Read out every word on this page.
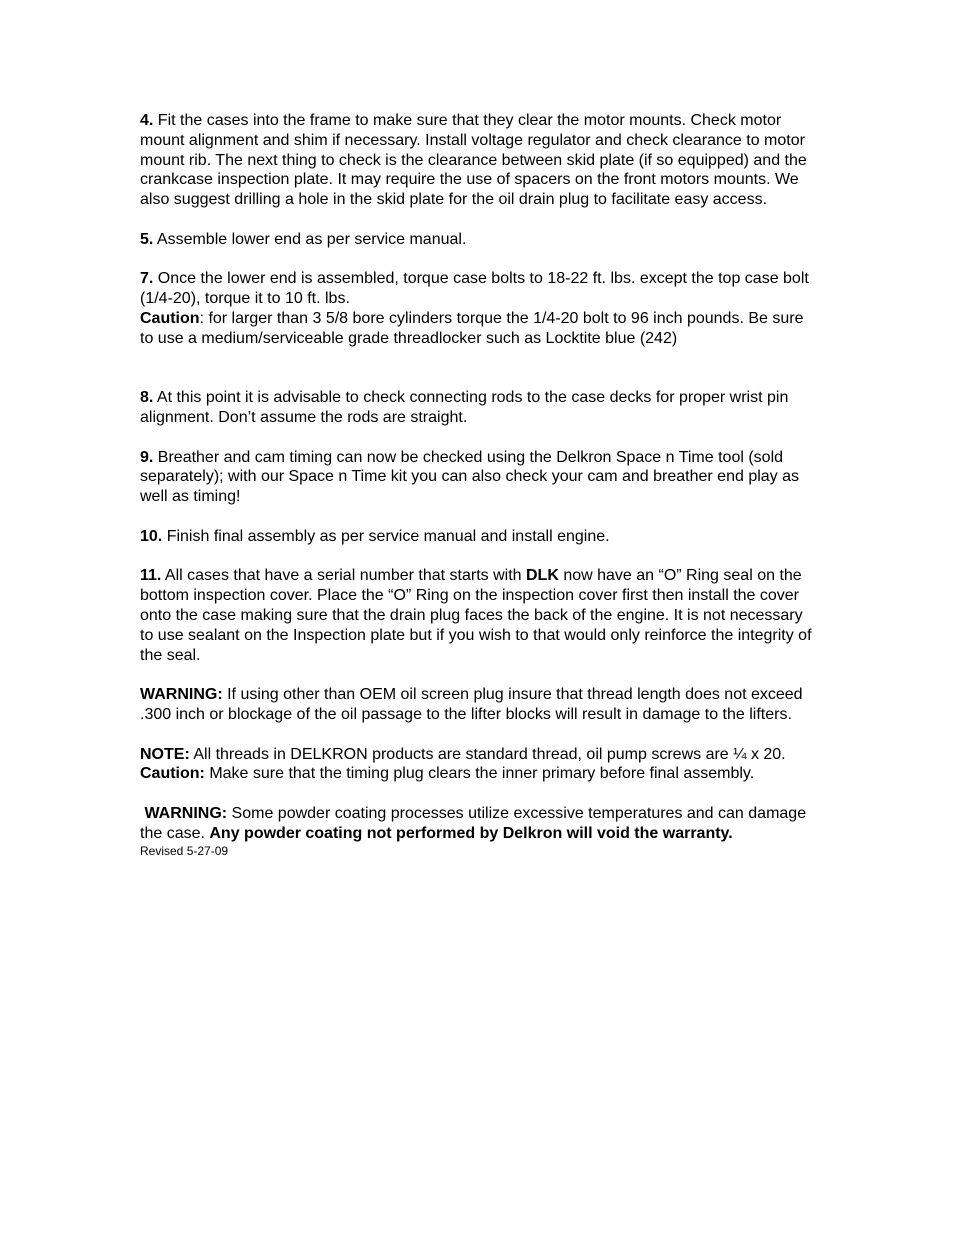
4. Fit the cases into the frame to make sure that they clear the motor mounts. Check motor mount alignment and shim if necessary. Install voltage regulator and check clearance to motor mount rib. The next thing to check is the clearance between skid plate (if so equipped) and the crankcase inspection plate. It may require the use of spacers on the front motors mounts. We also suggest drilling a hole in the skid plate for the oil drain plug to facilitate easy access.

5. Assemble lower end as per service manual.

7. Once the lower end is assembled, torque case bolts to 18-22 ft. lbs. except the top case bolt (1/4-20), torque it to 10 ft. lbs.

Caution: for larger than 3 5/8 bore cylinders torque the 1/4-20 bolt to 96 inch pounds. Be sure to use a medium/serviceable grade threadlocker such as Locktite blue (242)

8. At this point it is advisable to check connecting rods to the case decks for proper wrist pin alignment. Don’t assume the rods are straight.

9. Breather and cam timing can now be checked using the Delkron Space n Time tool (sold separately); with our Space n Time kit you can also check your cam and breather end play as well as timing!

10. Finish final assembly as per service manual and install engine.

11. All cases that have a serial number that starts with DLK now have an “O” Ring seal on the bottom inspection cover. Place the “O” Ring on the inspection cover first then install the cover onto the case making sure that the drain plug faces the back of the engine. It is not necessary to use sealant on the Inspection plate but if you wish to that would only reinforce the integrity of the seal.

WARNING: If using other than OEM oil screen plug insure that thread length does not exceed .300 inch or blockage of the oil passage to the lifter blocks will result in damage to the lifters.

NOTE: All threads in DELKRON products are standard thread, oil pump screws are ¼ x 20.

Caution: Make sure that the timing plug clears the inner primary before final assembly.

WARNING: Some powder coating processes utilize excessive temperatures and can damage the case. Any powder coating not performed by Delkron will void the warranty.

Revised 5-27-09
